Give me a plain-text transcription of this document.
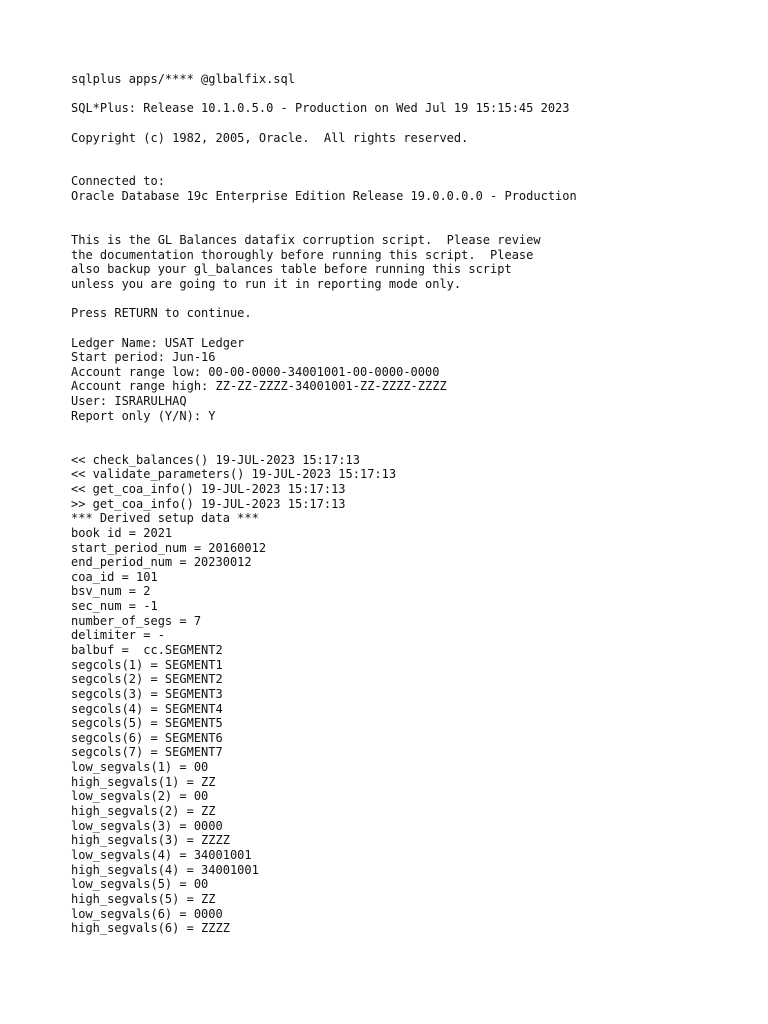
sqlplus apps/**** @glbalfix.sql
SQL*Plus: Release 10.1.0.5.0 - Production on Wed Jul 19 15:15:45 2023
Copyright (c) 1982, 2005, Oracle.  All rights reserved.
Connected to:
Oracle Database 19c Enterprise Edition Release 19.0.0.0.0 - Production
This is the GL Balances datafix corruption script.  Please review
the documentation thoroughly before running this script.  Please
also backup your gl_balances table before running this script
unless you are going to run it in reporting mode only.
Press RETURN to continue.
Ledger Name: USAT Ledger
Start period: Jun-16
Account range low: 00-00-0000-34001001-00-0000-0000
Account range high: ZZ-ZZ-ZZZZ-34001001-ZZ-ZZZZ-ZZZZ
User: ISRARULHAQ
Report only (Y/N): Y
<< check_balances() 19-JUL-2023 15:17:13
<< validate_parameters() 19-JUL-2023 15:17:13
<< get_coa_info() 19-JUL-2023 15:17:13
>> get_coa_info() 19-JUL-2023 15:17:13
*** Derived setup data ***
book id = 2021
start_period_num = 20160012
end_period_num = 20230012
coa_id = 101
bsv_num = 2
sec_num = -1
number_of_segs = 7
delimiter = -
balbuf =  cc.SEGMENT2
segcols(1) = SEGMENT1
segcols(2) = SEGMENT2
segcols(3) = SEGMENT3
segcols(4) = SEGMENT4
segcols(5) = SEGMENT5
segcols(6) = SEGMENT6
segcols(7) = SEGMENT7
low_segvals(1) = 00
high_segvals(1) = ZZ
low_segvals(2) = 00
high_segvals(2) = ZZ
low_segvals(3) = 0000
high_segvals(3) = ZZZZ
low_segvals(4) = 34001001
high_segvals(4) = 34001001
low_segvals(5) = 00
high_segvals(5) = ZZ
low_segvals(6) = 0000
high_segvals(6) = ZZZZ
